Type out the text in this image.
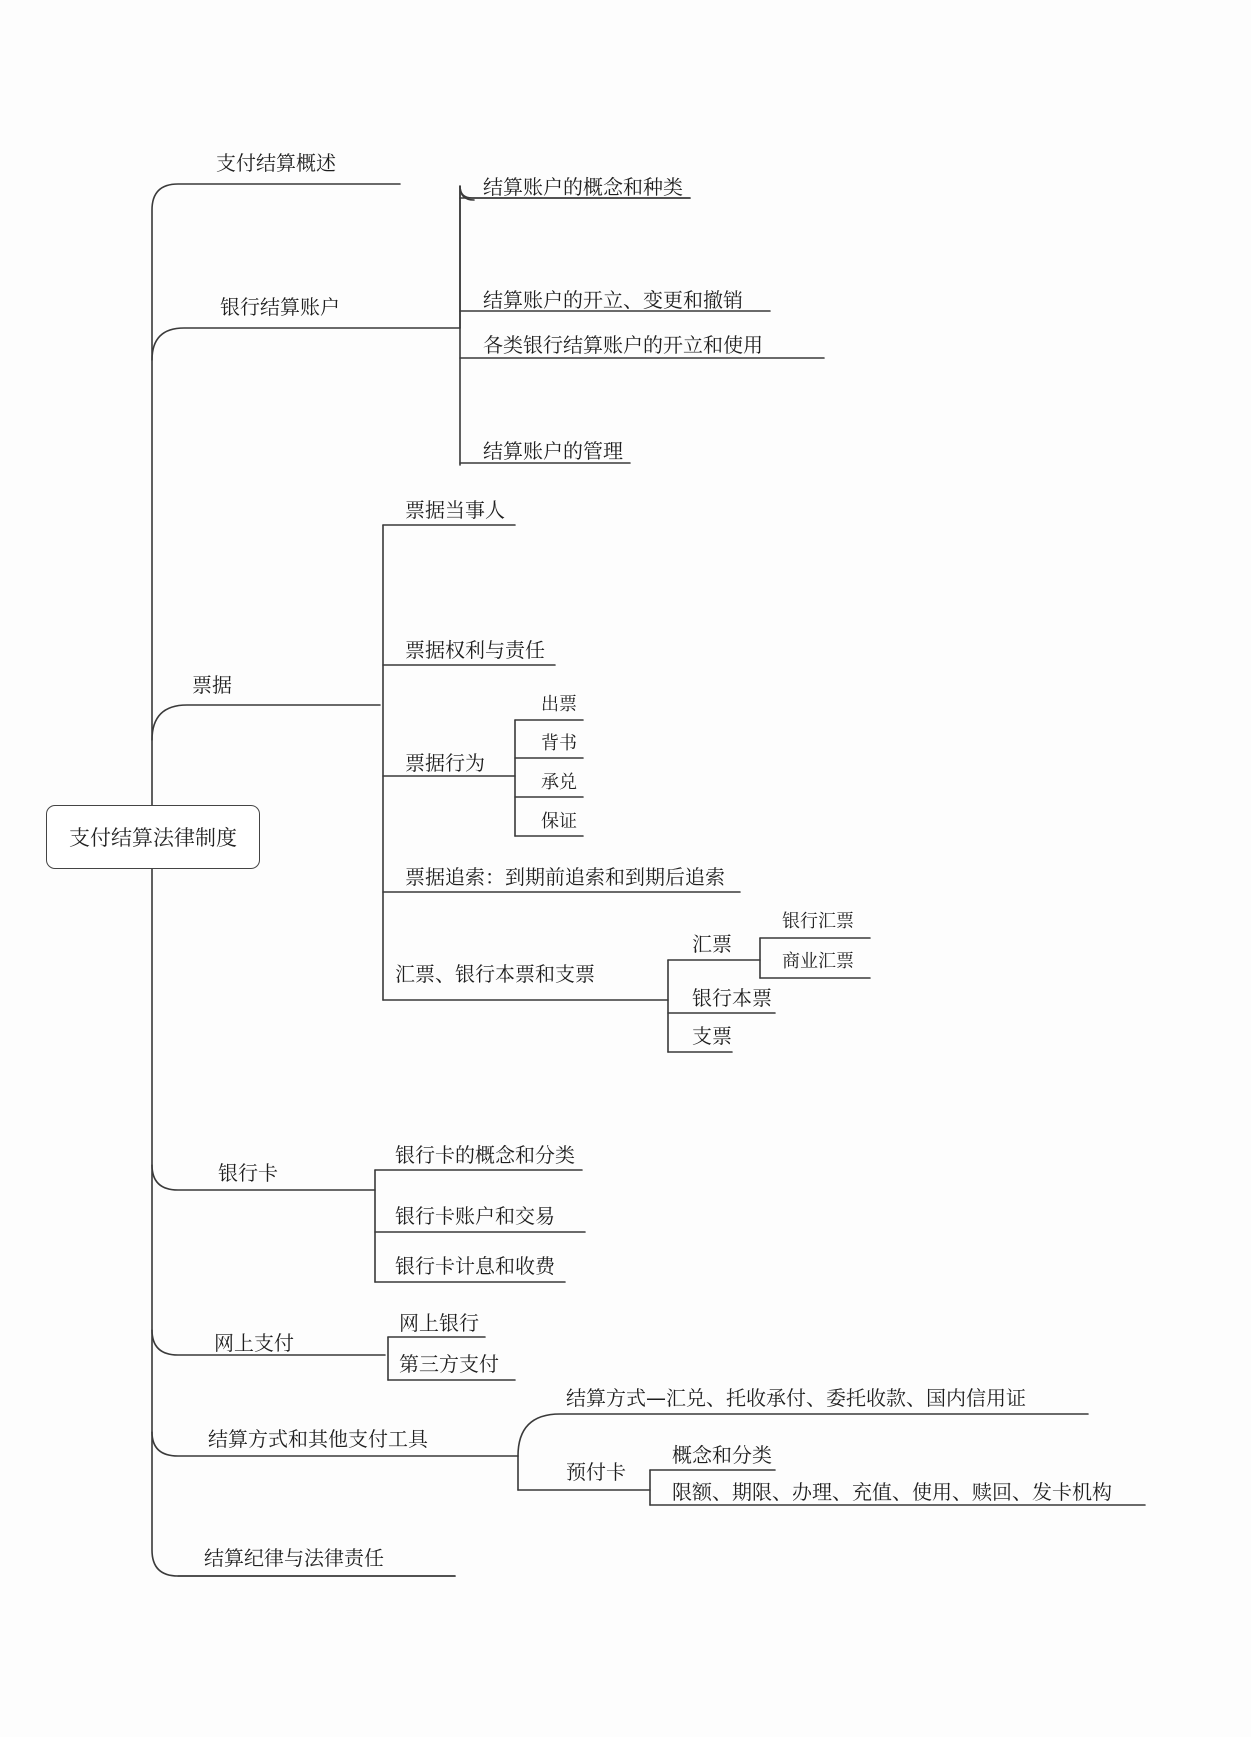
支付结算法律制度
支付结算概述
银行结算账户
票据
银行卡
网上支付
结算方式和其他支付工具
结算纪律与法律责任
结算账户的概念和种类
结算账户的开立、变更和撤销
各类银行结算账户的开立和使用
结算账户的管理
票据当事人
票据权利与责任
票据行为
出票
背书
承兑
保证
票据追索：到期前追索和到期后追索
汇票、银行本票和支票
汇票
银行汇票
商业汇票
银行本票
支票
银行卡的概念和分类
银行卡账户和交易
银行卡计息和收费
网上银行
第三方支付
结算方式—汇兑、托收承付、委托收款、国内信用证
预付卡
概念和分类
限额、期限、办理、充值、使用、赎回、发卡机构
